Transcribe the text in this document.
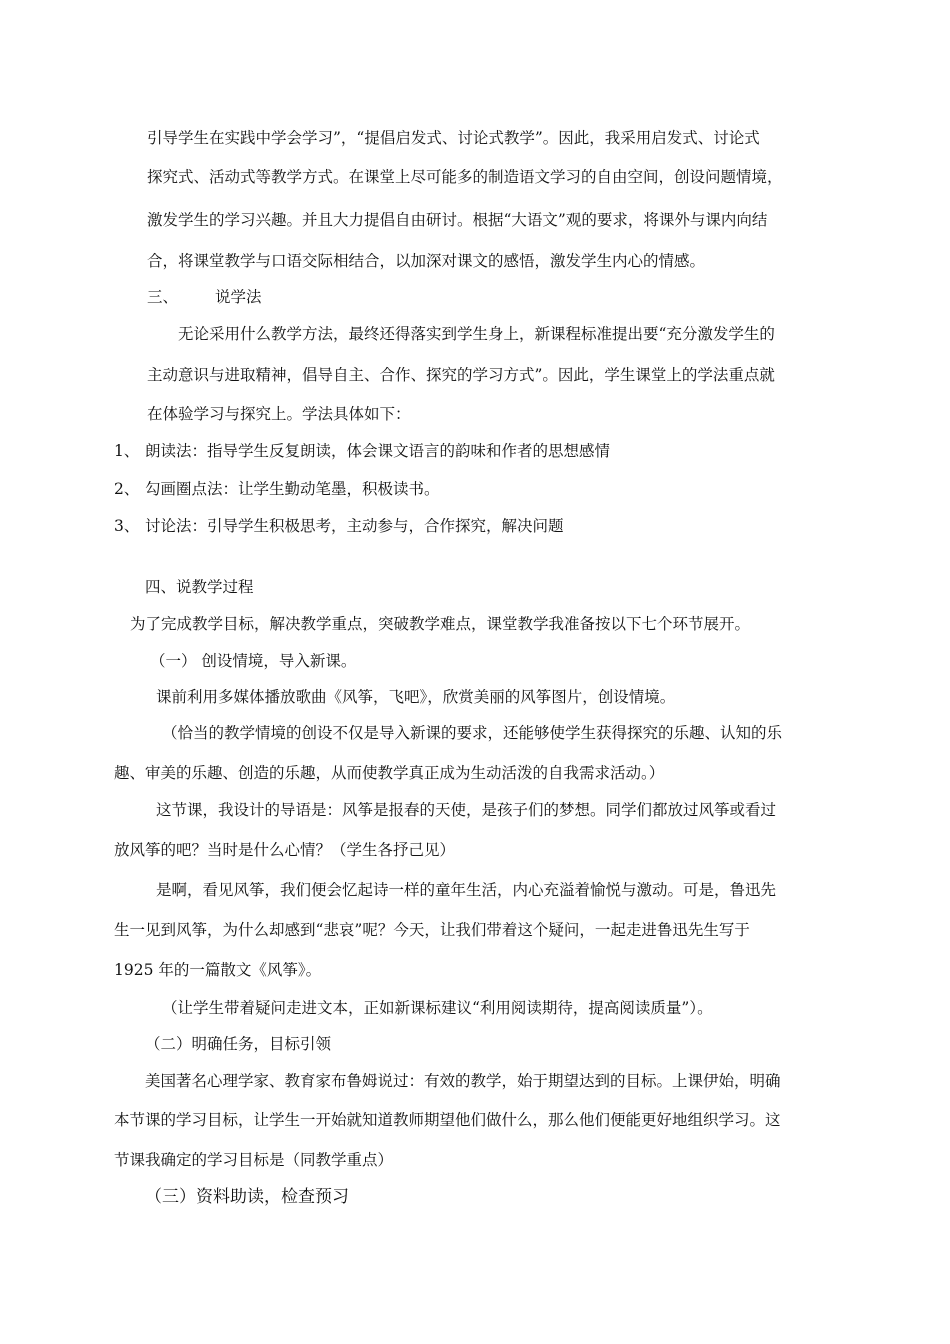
引导学生在实践中学会学习”，“提倡启发式、讨论式教学”。因此，我采用启发式、讨论式
探究式、活动式等教学方式。在课堂上尽可能多的制造语文学习的自由空间，创设问题情境，
激发学生的学习兴趣。并且大力提倡自由研讨。根据“大语文”观的要求，将课外与课内向结
合，将课堂教学与口语交际相结合，以加深对课文的感悟，激发学生内心的情感。
三、 说学法
无论采用什么教学方法，最终还得落实到学生身上，新课程标准提出要“充分激发学生的
主动意识与进取精神，倡导自主、合作、探究的学习方式”。因此，学生课堂上的学法重点就
在体验学习与探究上。学法具体如下：
1、 朗读法：指导学生反复朗读，体会课文语言的韵味和作者的思想感情
2、 勾画圈点法：让学生勤动笔墨，积极读书。
3、 讨论法：引导学生积极思考，主动参与，合作探究，解决问题
四、说教学过程
为了完成教学目标，解决教学重点，突破教学难点，课堂教学我准备按以下七个环节展开。
（一） 创设情境，导入新课。
课前利用多媒体播放歌曲《风筝，飞吧》，欣赏美丽的风筝图片，创设情境。
（恰当的教学情境的创设不仅是导入新课的要求，还能够使学生获得探究的乐趣、认知的乐
趣、审美的乐趣、创造的乐趣，从而使教学真正成为生动活泼的自我需求活动。）
这节课，我设计的导语是：风筝是报春的天使，是孩子们的梦想。同学们都放过风筝或看过
放风筝的吧？当时是什么心情？（学生各抒己见）
是啊，看见风筝，我们便会忆起诗一样的童年生活，内心充溢着愉悦与激动。可是，鲁迅先
生一见到风筝，为什么却感到“悲哀”呢？今天，让我们带着这个疑问，一起走进鲁迅先生写于
1925 年的一篇散文《风筝》。
（让学生带着疑问走进文本，正如新课标建议“利用阅读期待，提高阅读质量”）。
（二）明确任务，目标引领
美国著名心理学家、教育家布鲁姆说过：有效的教学，始于期望达到的目标。上课伊始，明确
本节课的学习目标，让学生一开始就知道教师期望他们做什么，那么他们便能更好地组织学习。这
节课我确定的学习目标是（同教学重点）
（三）资料助读，检查预习
